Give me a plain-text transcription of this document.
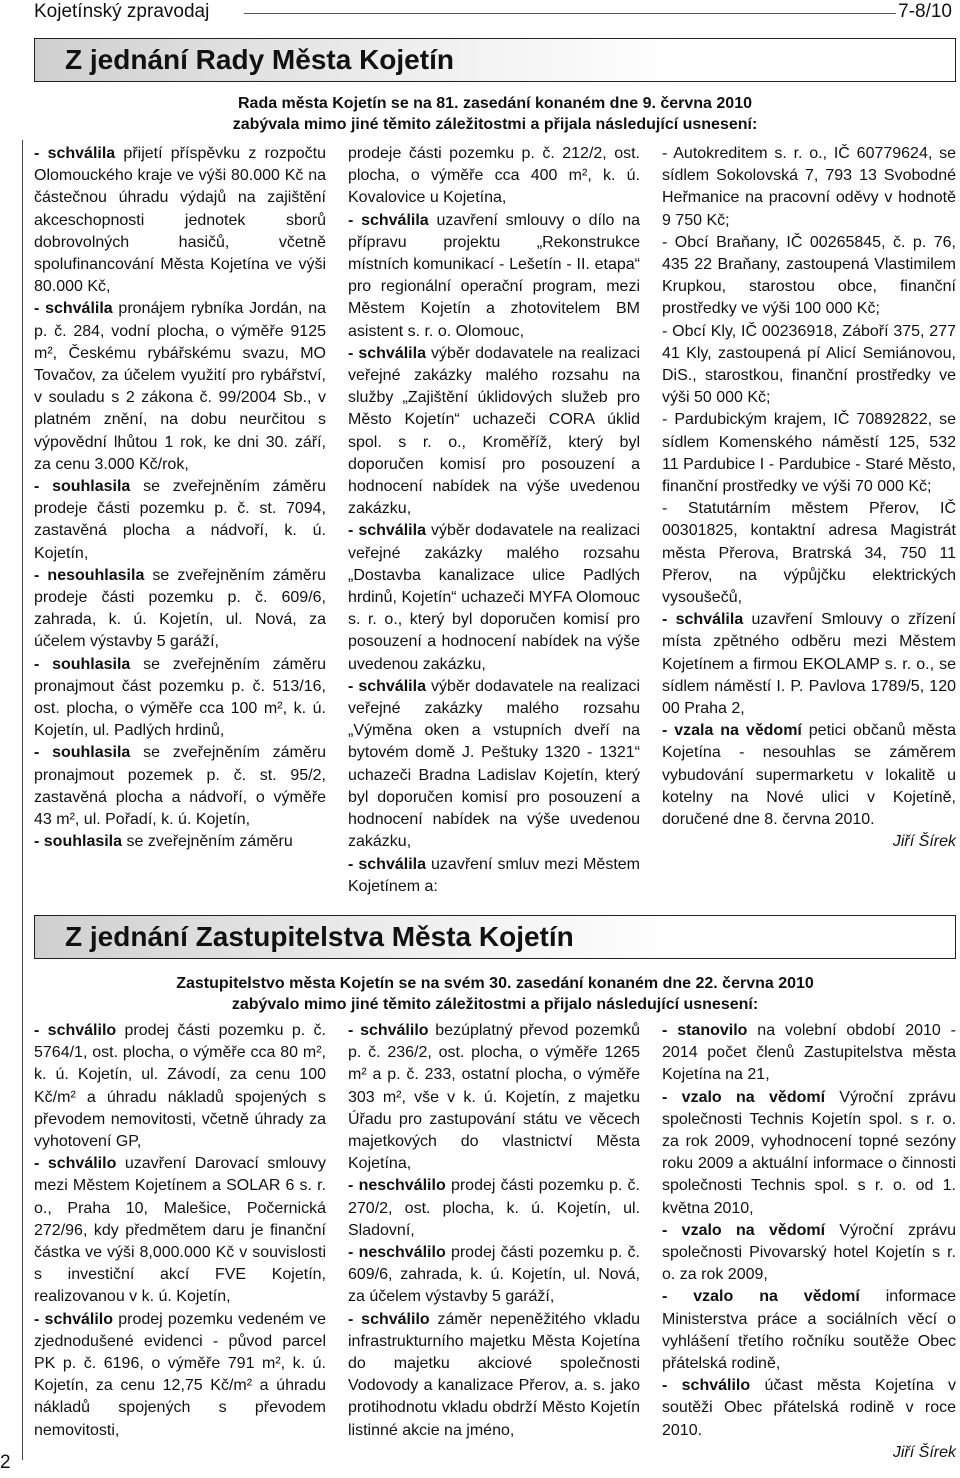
Kojetínský zpravodaj	7-8/10
Z jednání Rady Města Kojetín
Rada města Kojetín se na 81. zasedání konaném dne 9. června 2010
zabývala mimo jiné těmito záležitostmi a přijala následující usnesení:

- schválila přijetí příspěvku z rozpočtu Olomouckého kraje ve výši 80.000 Kč na částečnou úhradu výdajů na zajištění akceschopnosti jednotek sborů dobrovolných hasičů, včetně spolufinancování Města Kojetína ve výši 80.000 Kč,

- schválila pronájem rybníka Jordán, na p. č. 284, vodní plocha, o výměře 9125 m², Českému rybářskému svazu, MO Tovačov, za účelem využití pro rybářství, v souladu s 2 zákona č. 99/2004 Sb., v platném znění, na dobu neurčitou s výpovědní lhůtou 1 rok, ke dni 30. září, za cenu 3.000 Kč/rok,

- souhlasila se zveřejněním záměru prodeje části pozemku p. č. st. 7094, zastavěná plocha a nádvoří, k. ú. Kojetín,

- nesouhlasila se zveřejněním záměru prodeje části pozemku p. č. 609/6, zahrada, k. ú. Kojetín, ul. Nová, za účelem výstavby 5 garáží,

- souhlasila se zveřejněním záměru pronajmout část pozemku p. č. 513/16, ost. plocha, o výměře cca 100 m², k. ú. Kojetín, ul. Padlých hrdinů,

- souhlasila se zveřejněním záměru pronajmout pozemek p. č. st. 95/2, zastavěná plocha a nádvoří, o výměře 43 m², ul. Pořadí, k. ú. Kojetín,

- souhlasila se zveřejněním záměru

prodeje části pozemku p. č. 212/2, ost. plocha, o výměře cca 400 m², k. ú. Kovalovice u Kojetína,

- schválila uzavření smlouvy o dílo na přípravu projektu „Rekonstrukce místních komunikací - Lešetín - II. etapa“ pro regionální operační program, mezi Městem Kojetín a zhotovitelem BM asistent s. r. o. Olomouc,

- schválila výběr dodavatele na realizaci veřejné zakázky malého rozsahu na služby „Zajištění úklidových služeb pro Město Kojetín“ uchazeči CORA úklid spol. s r. o., Kroměříž, který byl doporučen komisí pro posouzení a hodnocení nabídek na výše uvedenou zakázku,

- schválila výběr dodavatele na realizaci veřejné zakázky malého rozsahu „Dostavba kanalizace ulice Padlých hrdinů, Kojetín“ uchazeči MYFA Olomouc s. r. o., který byl doporučen komisí pro posouzení a hodnocení nabídek na výše uvedenou zakázku,

- schválila výběr dodavatele na realizaci veřejné zakázky malého rozsahu „Výměna oken a vstupních dveří na bytovém domě J. Peštuky 1320 - 1321“ uchazeči Bradna Ladislav Kojetín, který byl doporučen komisí pro posouzení a hodnocení nabídek na výše uvedenou zakázku,

- schválila uzavření smluv mezi Městem Kojetínem a:

- Autokreditem s. r. o., IČ 60779624, se sídlem Sokolovská 7, 793 13 Svobodné Heřmanice na pracovní oděvy v hodnotě 9 750 Kč;

- Obcí Braňany, IČ 00265845, č. p. 76, 435 22 Braňany, zastoupená Vlastimilem Krupkou, starostou obce, finanční prostředky ve výši 100 000 Kč;

- Obcí Kly, IČ 00236918, Záboří 375, 277 41 Kly, zastoupená pí Alicí Semiánovou, DiS., starostkou, finanční prostředky ve výši 50 000 Kč;

- Pardubickým krajem, IČ 70892822, se sídlem Komenského náměstí 125, 532 11 Pardubice I - Pardubice - Staré Město, finanční prostředky ve výši 70 000 Kč;

- Statutárním městem Přerov, IČ 00301825, kontaktní adresa Magistrát města Přerova, Bratrská 34, 750 11 Přerov, na výpůjčku elektrických vysoušečů,

- schválila uzavření Smlouvy o zřízení místa zpětného odběru mezi Městem Kojetínem a firmou EKOLAMP s. r. o., se sídlem náměstí I. P. Pavlova 1789/5, 120 00 Praha 2,

- vzala na vědomí petici občanů města Kojetína - nesouhlas se záměrem vybudování supermarketu v lokalitě u kotelny na Nové ulici v Kojetíně, doručené dne 8. června 2010.

Jiří Šírek

Z jednání Zastupitelstva Města Kojetín
Zastupitelstvo města Kojetín se na svém 30. zasedání konaném dne 22. června 2010
zabývalo mimo jiné těmito záležitostmi a přijalo následující usnesení:

- schválilo prodej části pozemku p. č. 5764/1, ost. plocha, o výměře cca 80 m², k. ú. Kojetín, ul. Závodí, za cenu 100 Kč/m² a úhradu nákladů spojených s převodem nemovitosti, včetně úhrady za vyhotovení GP,

- schválilo uzavření Darovací smlouvy mezi Městem Kojetínem a SOLAR 6 s. r. o., Praha 10, Malešice, Počernická 272/96, kdy předmětem daru je finanční částka ve výši 8,000.000 Kč v souvislosti s investiční akcí FVE Kojetín, realizovanou v k. ú. Kojetín,

- schválilo prodej pozemku vedeném ve zjednodušené evidenci - původ parcel PK p. č. 6196, o výměře 791 m², k. ú. Kojetín, za cenu 12,75 Kč/m² a úhradu nákladů spojených s převodem nemovitosti,

- schválilo bezúplatný převod pozemků p. č. 236/2, ost. plocha, o výměře 1265 m² a p. č. 233, ostatní plocha, o výměře 303 m², vše v k. ú. Kojetín, z majetku Úřadu pro zastupování státu ve věcech majetkových do vlastnictví Města Kojetína,

- neschválilo prodej části pozemku p. č. 270/2, ost. plocha, k. ú. Kojetín, ul. Sladovní,

- neschválilo prodej části pozemku p. č. 609/6, zahrada, k. ú. Kojetín, ul. Nová, za účelem výstavby 5 garáží,

- schválilo záměr nepeněžitého vkladu infrastrukturního majetku Města Kojetína do majetku akciové společnosti Vodovody a kanalizace Přerov, a. s. jako protihodnotu vkladu obdrží Město Kojetín listinné akcie na jméno,

- stanovilo na volební období 2010 - 2014 počet členů Zastupitelstva města Kojetína na 21,

- vzalo na vědomí Výroční zprávu společnosti Technis Kojetín spol. s r. o. za rok 2009, vyhodnocení topné sezóny roku 2009 a aktuální informace o činnosti společnosti Technis spol. s r. o. od 1. května 2010,

- vzalo na vědomí Výroční zprávu společnosti Pivovarský hotel Kojetín s r. o. za rok 2009,

- vzalo na vědomí informace Ministerstva práce a sociálních věcí o vyhlášení třetího ročníku soutěže Obec přátelská rodině,

- schválilo účast města Kojetína v soutěži Obec přátelská rodině v roce 2010.

Jiří Šírek

2
